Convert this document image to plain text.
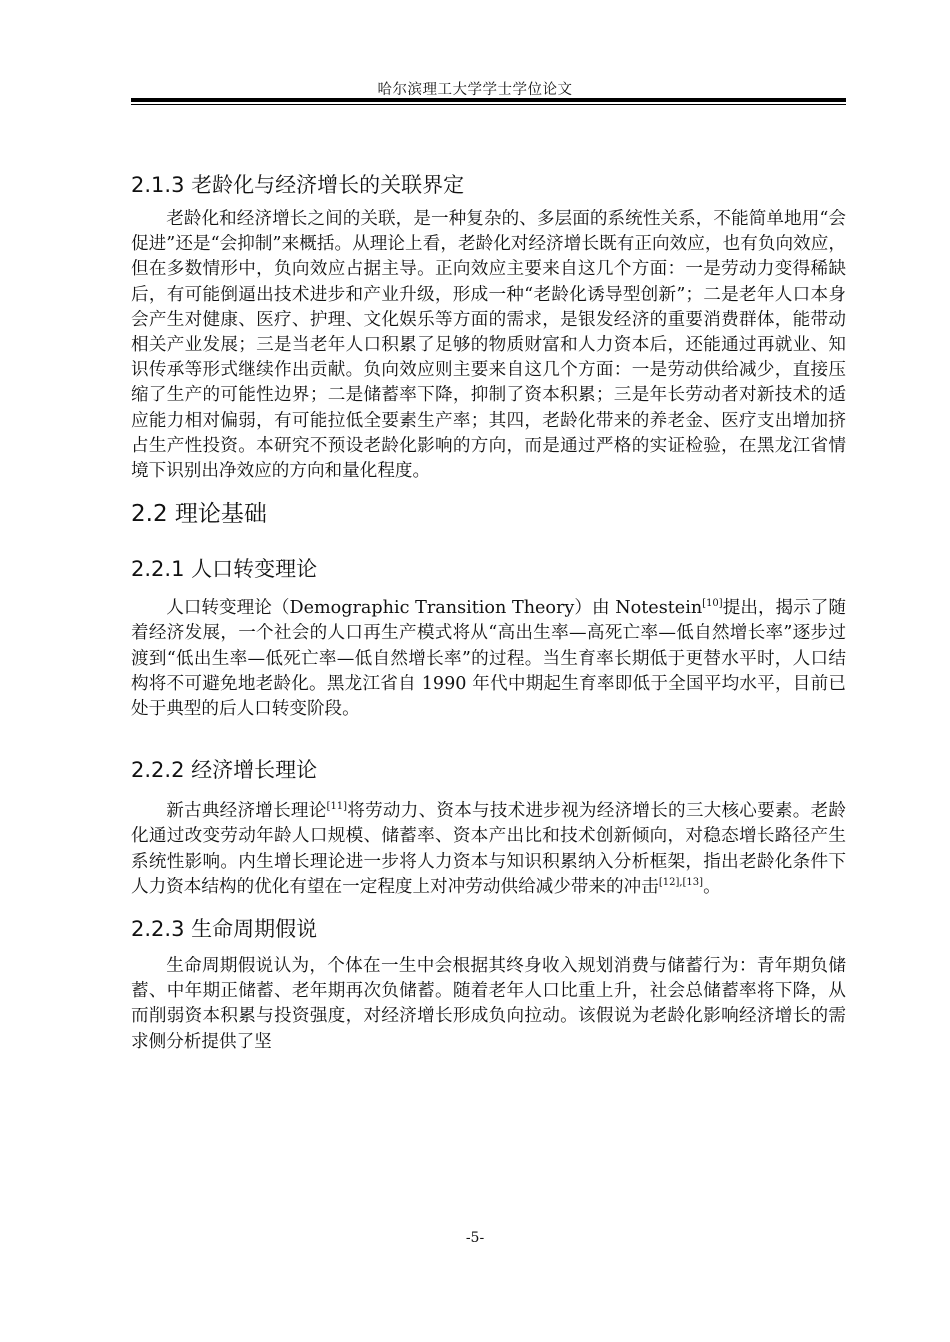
哈尔滨理工大学学士学位论文
2.1.3 老龄化与经济增长的关联界定

老龄化和经济增长之间的关联，是一种复杂的、多层面的系统性关系，不能简单地用“会促进”还是“会抑制”来概括。从理论上看，老龄化对经济增长既有正向效应，也有负向效应，但在多数情形中，负向效应占据主导。正向效应主要来自这几个方面：一是劳动力变得稀缺后，有可能倒逼出技术进步和产业升级，形成一种“老龄化诱导型创新”；二是老年人口本身会产生对健康、医疗、护理、文化娱乐等方面的需求，是银发经济的重要消费群体，能带动相关产业发展；三是当老年人口积累了足够的物质财富和人力资本后，还能通过再就业、知识传承等形式继续作出贡献。负向效应则主要来自这几个方面：一是劳动供给减少，直接压缩了生产的可能性边界；二是储蓄率下降，抑制了资本积累；三是年长劳动者对新技术的适应能力相对偏弱，有可能拉低全要素生产率；其四，老龄化带来的养老金、医疗支出增加挤占生产性投资。本研究不预设老龄化影响的方向，而是通过严格的实证检验，在黑龙江省情境下识别出净效应的方向和量化程度。

2.2 理论基础
2.2.1 人口转变理论

人口转变理论（Demographic Transition Theory）由 Notestein[10]提出，揭示了随着经济发展，一个社会的人口再生产模式将从“高出生率—高死亡率—低自然增长率”逐步过渡到“低出生率—低死亡率—低自然增长率”的过程。当生育率长期低于更替水平时，人口结构将不可避免地老龄化。黑龙江省自 1990 年代中期起生育率即低于全国平均水平，目前已处于典型的后人口转变阶段。

2.2.2 经济增长理论

新古典经济增长理论[11]将劳动力、资本与技术进步视为经济增长的三大核心要素。老龄化通过改变劳动年龄人口规模、储蓄率、资本产出比和技术创新倾向，对稳态增长路径产生系统性影响。内生增长理论进一步将人力资本与知识积累纳入分析框架，指出老龄化条件下人力资本结构的优化有望在一定程度上对冲劳动供给减少带来的冲击[12],[13]。

2.2.3 生命周期假说

生命周期假说认为，个体在一生中会根据其终身收入规划消费与储蓄行为：青年期负储蓄、中年期正储蓄、老年期再次负储蓄。随着老年人口比重上升，社会总储蓄率将下降，从而削弱资本积累与投资强度，对经济增长形成负向拉动。该假说为老龄化影响经济增长的需求侧分析提供了坚

-5-
